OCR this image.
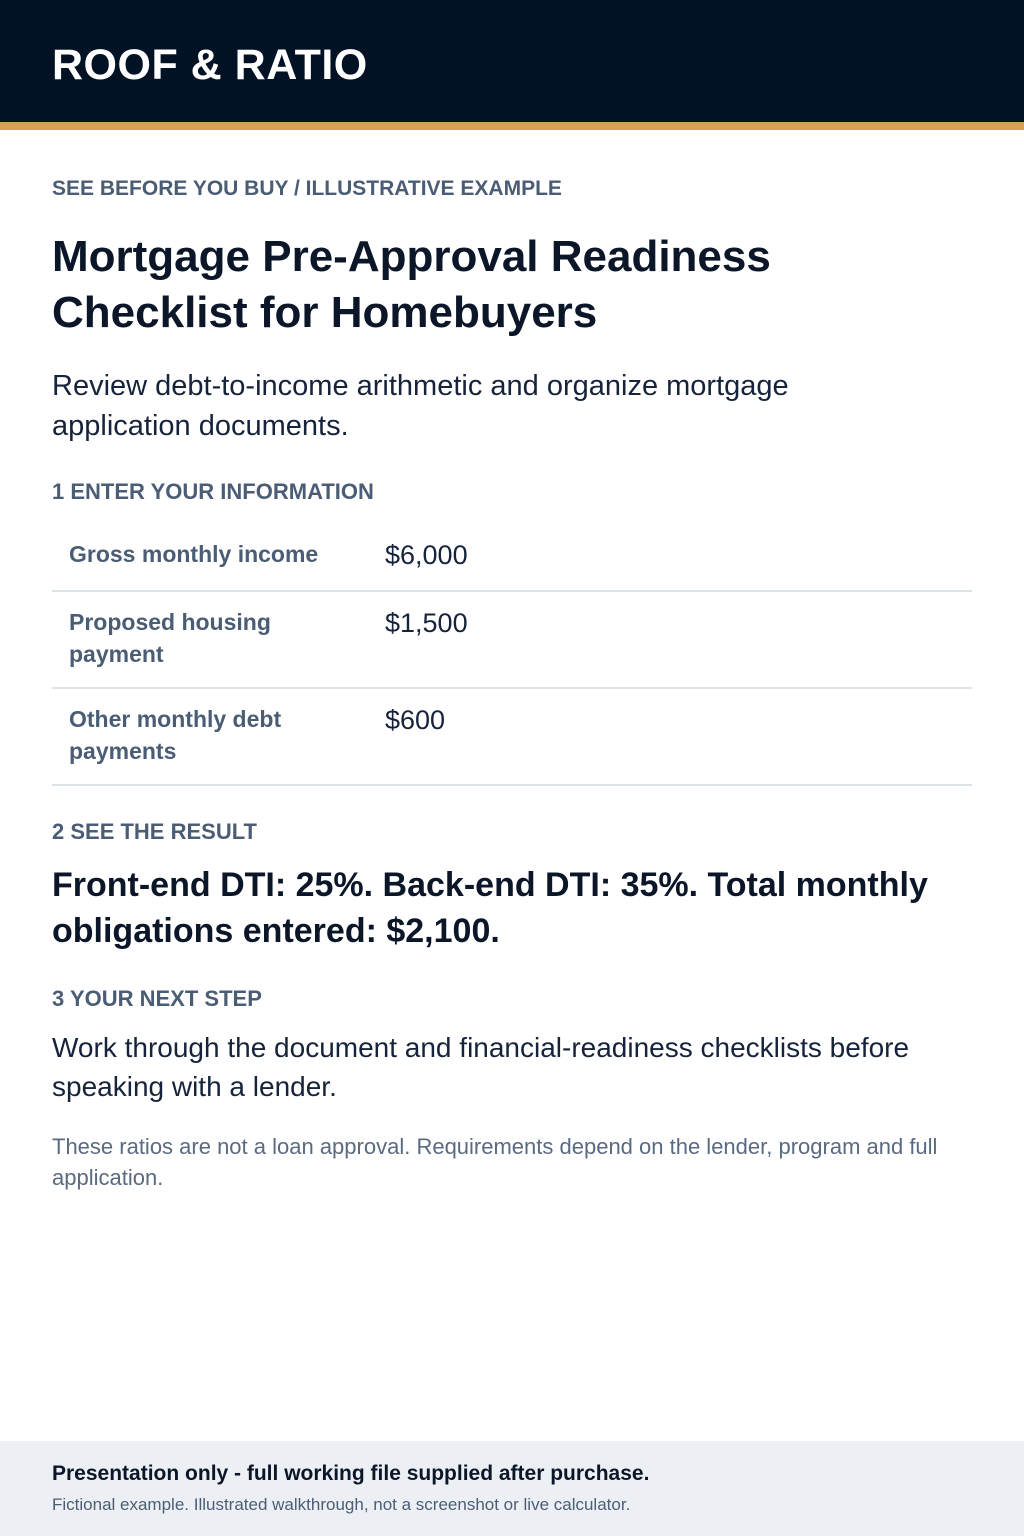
ROOF & RATIO
SEE BEFORE YOU BUY / ILLUSTRATIVE EXAMPLE
Mortgage Pre-Approval Readiness Checklist for Homebuyers

Review debt-to-income arithmetic and organize mortgage application documents.

1 ENTER YOUR INFORMATION
Gross monthly income	$6,000
Proposed housing payment
$1,500
Other monthly debt payments
$600
2 SEE THE RESULT

Front-end DTI: 25%. Back-end DTI: 35%. Total monthly obligations entered: $2,100.

3 YOUR NEXT STEP

Work through the document and financial-readiness checklists before speaking with a lender.

These ratios are not a loan approval. Requirements depend on the lender, program and full application.

Presentation only - full working file supplied after purchase.
Fictional example. Illustrated walkthrough, not a screenshot or live calculator.
